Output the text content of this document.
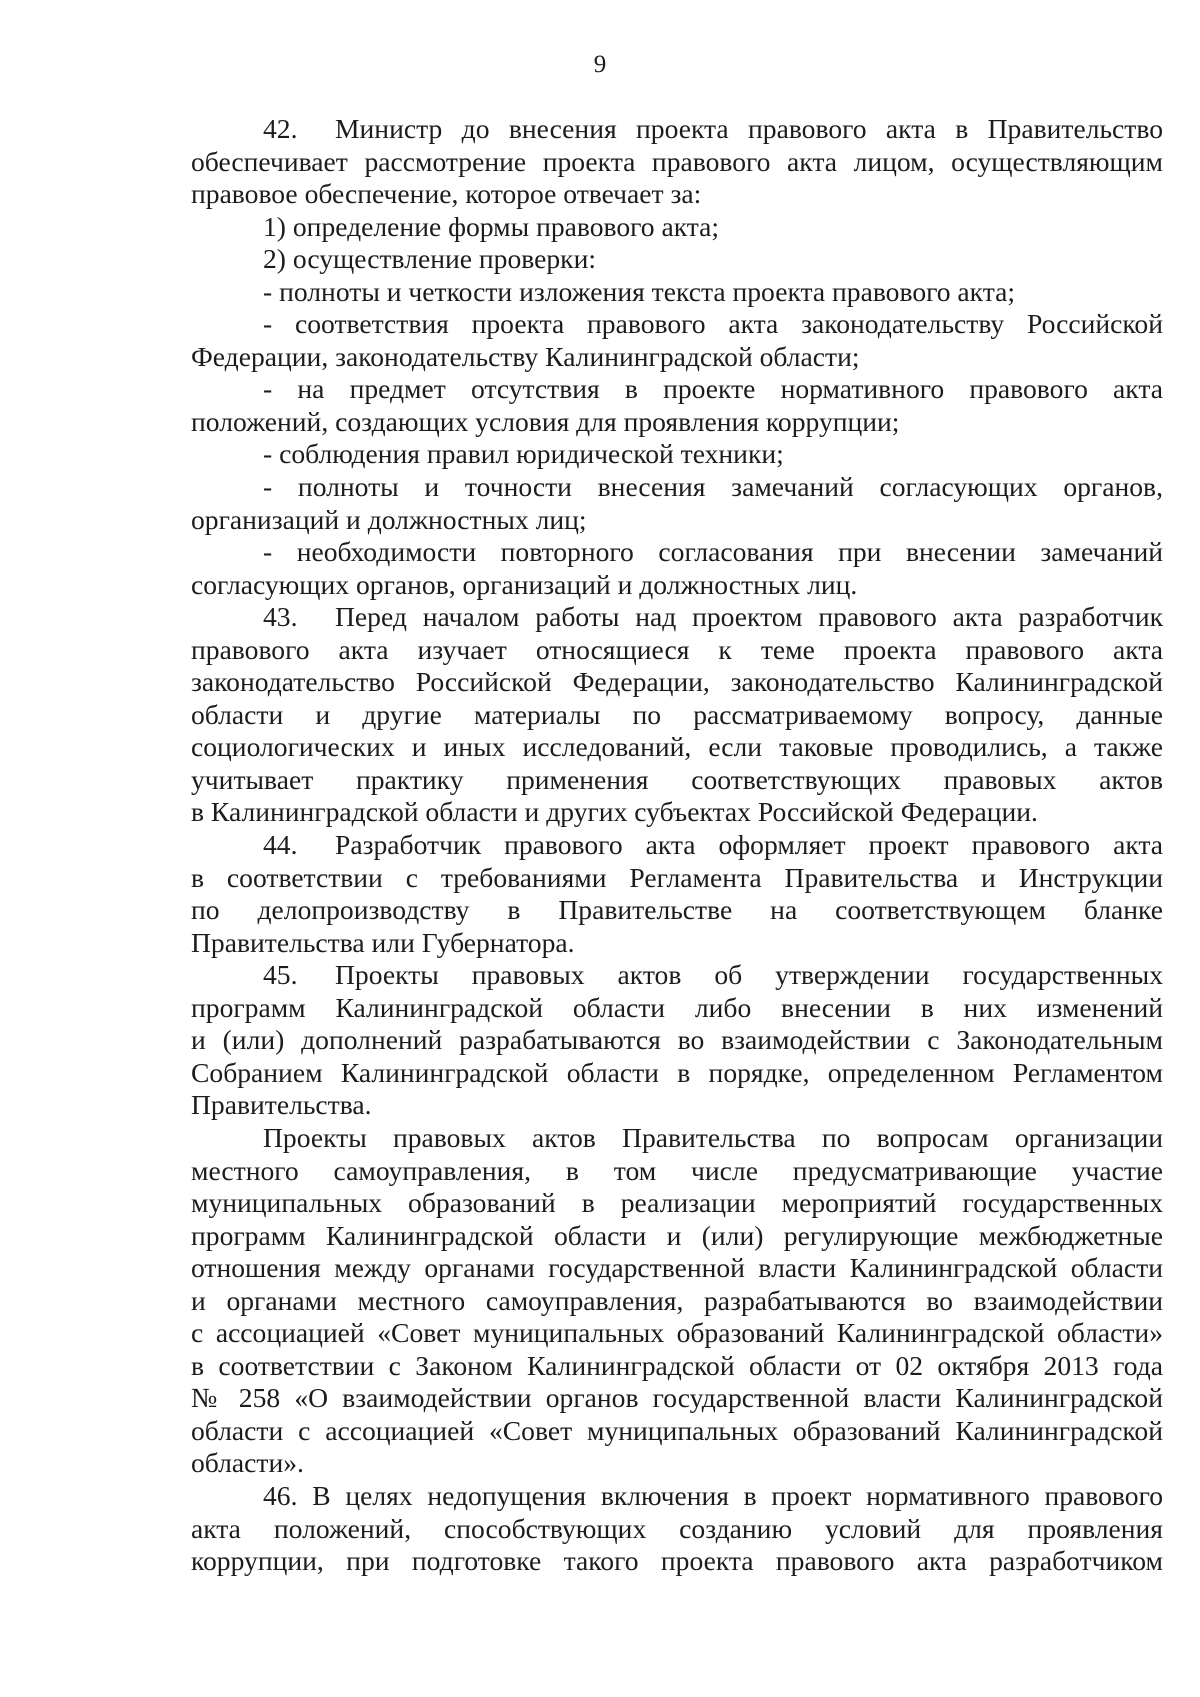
9

42. Министр до внесения проекта правового акта в Правительство

обеспечивает рассмотрение проекта правового акта лицом, осуществляющим

правовое обеспечение, которое отвечает за:

1) определение формы правового акта;

2) осуществление проверки:

- полноты и четкости изложения текста проекта правового акта;

- соответствия проекта правового акта законодательству Российской

Федерации, законодательству Калининградской области;

- на предмет отсутствия в проекте нормативного правового акта

положений, создающих условия для проявления коррупции;

- соблюдения правил юридической техники;

- полноты и точности внесения замечаний согласующих органов,

организаций и должностных лиц;

- необходимости повторного согласования при внесении замечаний

согласующих органов, организаций и должностных лиц.

43. Перед началом работы над проектом правового акта разработчик

правового акта изучает относящиеся к теме проекта правового акта

законодательство Российской Федерации, законодательство Калининградской

области и другие материалы по рассматриваемому вопросу, данные

социологических и иных исследований, если таковые проводились, а также

учитывает практику применения соответствующих правовых актов

в Калининградской области и других субъектах Российской Федерации.

44. Разработчик правового акта оформляет проект правового акта

в соответствии с требованиями Регламента Правительства и Инструкции

по делопроизводству в Правительстве на соответствующем бланке

Правительства или Губернатора.

45. Проекты правовых актов об утверждении государственных

программ Калининградской области либо внесении в них изменений

и (или) дополнений разрабатываются во взаимодействии с Законодательным

Собранием Калининградской области в порядке, определенном Регламентом

Правительства.

Проекты правовых актов Правительства по вопросам организации

местного самоуправления, в том числе предусматривающие участие

муниципальных образований в реализации мероприятий государственных

программ Калининградской области и (или) регулирующие межбюджетные

отношения между органами государственной власти Калининградской области

и органами местного самоуправления, разрабатываются во взаимодействии

с ассоциацией «Совет муниципальных образований Калининградской области»

в соответствии с Законом Калининградской области от 02 октября 2013 года

№ 258 «О взаимодействии органов государственной власти Калининградской

области с ассоциацией «Совет муниципальных образований Калининградской

области».

46. В целях недопущения включения в проект нормативного правового

акта положений, способствующих созданию условий для проявления

коррупции, при подготовке такого проекта правового акта разработчиком
